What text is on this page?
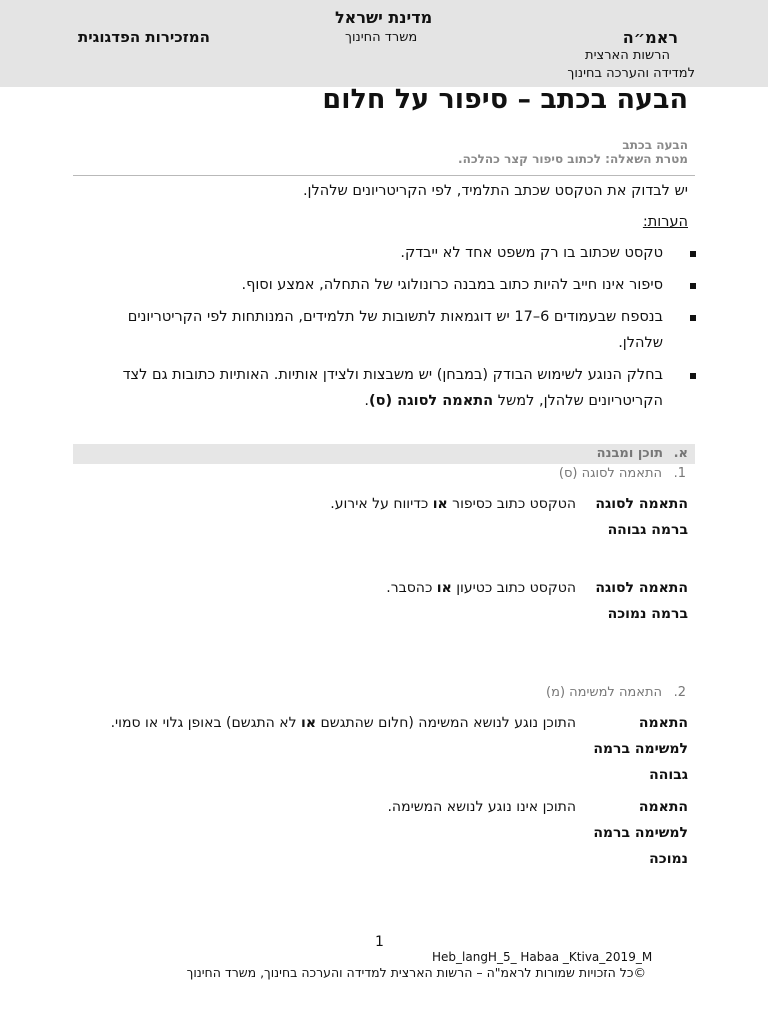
המזכירות הפדגוגית
מדינת ישראל
משרד החינוך	ראמ״ה
הרשות הארצית
למדידה והערכה בחינוך
הבעה בכתב – סיפור על חלום
הבעה בכתב
מטרת השאלה: לכתוב סיפור קצר כהלכה.
יש לבדוק את הטקסט שכתב התלמיד, לפי הקריטריונים שלהלן.
הערות:
טקסט שכתוב בו רק משפט אחד לא ייבדק.
סיפור אינו חייב להיות כתוב במבנה כרונולוגי של התחלה, אמצע וסוף.
בנספח שבעמודים 6–17 יש דוגמאות לתשובות של תלמידים, המנותחות לפי הקריטריונים
שלהלן.
בחלק הנוגע לשימוש הבודק (במבחן) יש משבצות ולצידן אותיות. האותיות כתובות גם לצד
הקריטריונים שלהלן, למשל התאמה לסוגה (ס).
א.
תוכן ומבנה
1.
התאמה לסוגה (ס)
התאמה לסוגה ברמה גבוהה
הטקסט כתוב כסיפור או כדיווח על אירוע.
התאמה לסוגה ברמה נמוכה
הטקסט כתוב כטיעון או כהסבר.
2.
התאמה למשימה (מ)
התאמה למשימה ברמה גבוהה
התוכן נוגע לנושא המשימה (חלום שהתגשם או לא התגשם) באופן גלוי או סמוי.
התאמה למשימה ברמה נמוכה
התוכן אינו נוגע לנושא המשימה.
1
Heb_langH_5_ Habaa _Ktiva_2019_M
©כל הזכויות שמורות לראמ"ה – הרשות הארצית למדידה והערכה בחינוך, משרד החינוך
